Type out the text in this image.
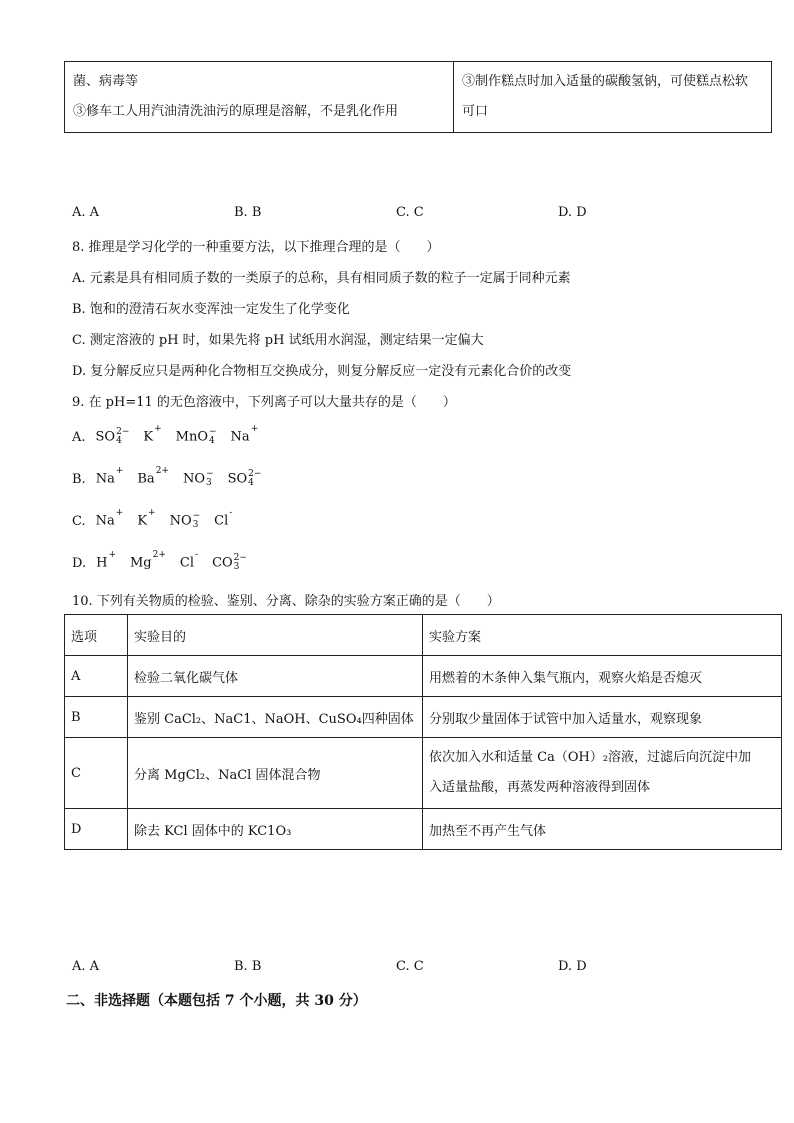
菌、病毒等
③修车工人用汽油清洗油污的原理是溶解，不是乳化作用

③制作糕点时加入适量的碳酸氢钠，可使糕点松软
可口
A. A	B. B	C. C	D. D
8. 推理是学习化学的一种重要方法，以下推理合理的是（　　）
A. 元素是具有相同质子数的一类原子的总称，具有相同质子数的粒子一定属于同种元素
B. 饱和的澄清石灰水变浑浊一定发生了化学变化
C. 测定溶液的 pH 时，如果先将 pH 试纸用水润湿，测定结果一定偏大
D. 复分解反应只是两种化合物相互交换成分，则复分解反应一定没有元素化合价的改变
9. 在 pH=11 的无色溶液中，下列离子可以大量共存的是（　　）
A. SO 2−
4	K
+

MnO −
4 Na
+

B. Na
+

Ba
2+

NO −
3 SO 2−
4
C. Na
+

K
+

NO −
3 Cl
-

D. H
+

Mg
2+

Cl
-

CO 2−
3
10. 下列有关物质的检验、鉴别、分离、除杂的实验方案正确的是（　　）
选项	实验目的	实验方案
A	检验二氧化碳气体	用燃着的木条伸入集气瓶内，观察火焰是否熄灭
B	鉴别 CaCl₂、NaC1、NaOH、CuSO₄四种固体	分别取少量固体于试管中加入适量水，观察现象
C	分离 MgCl₂、NaCl 固体混合物	依次加入水和适量 Ca（OH）₂溶液，过滤后向沉淀中加
入适量盐酸，再蒸发两种溶液得到固体

D	除去 KCl 固体中的 KC1O₃	加热至不再产生气体
A. A	B. B	C. C	D. D
二、非选择题（本题包括 7 个小题，共 30 分）
